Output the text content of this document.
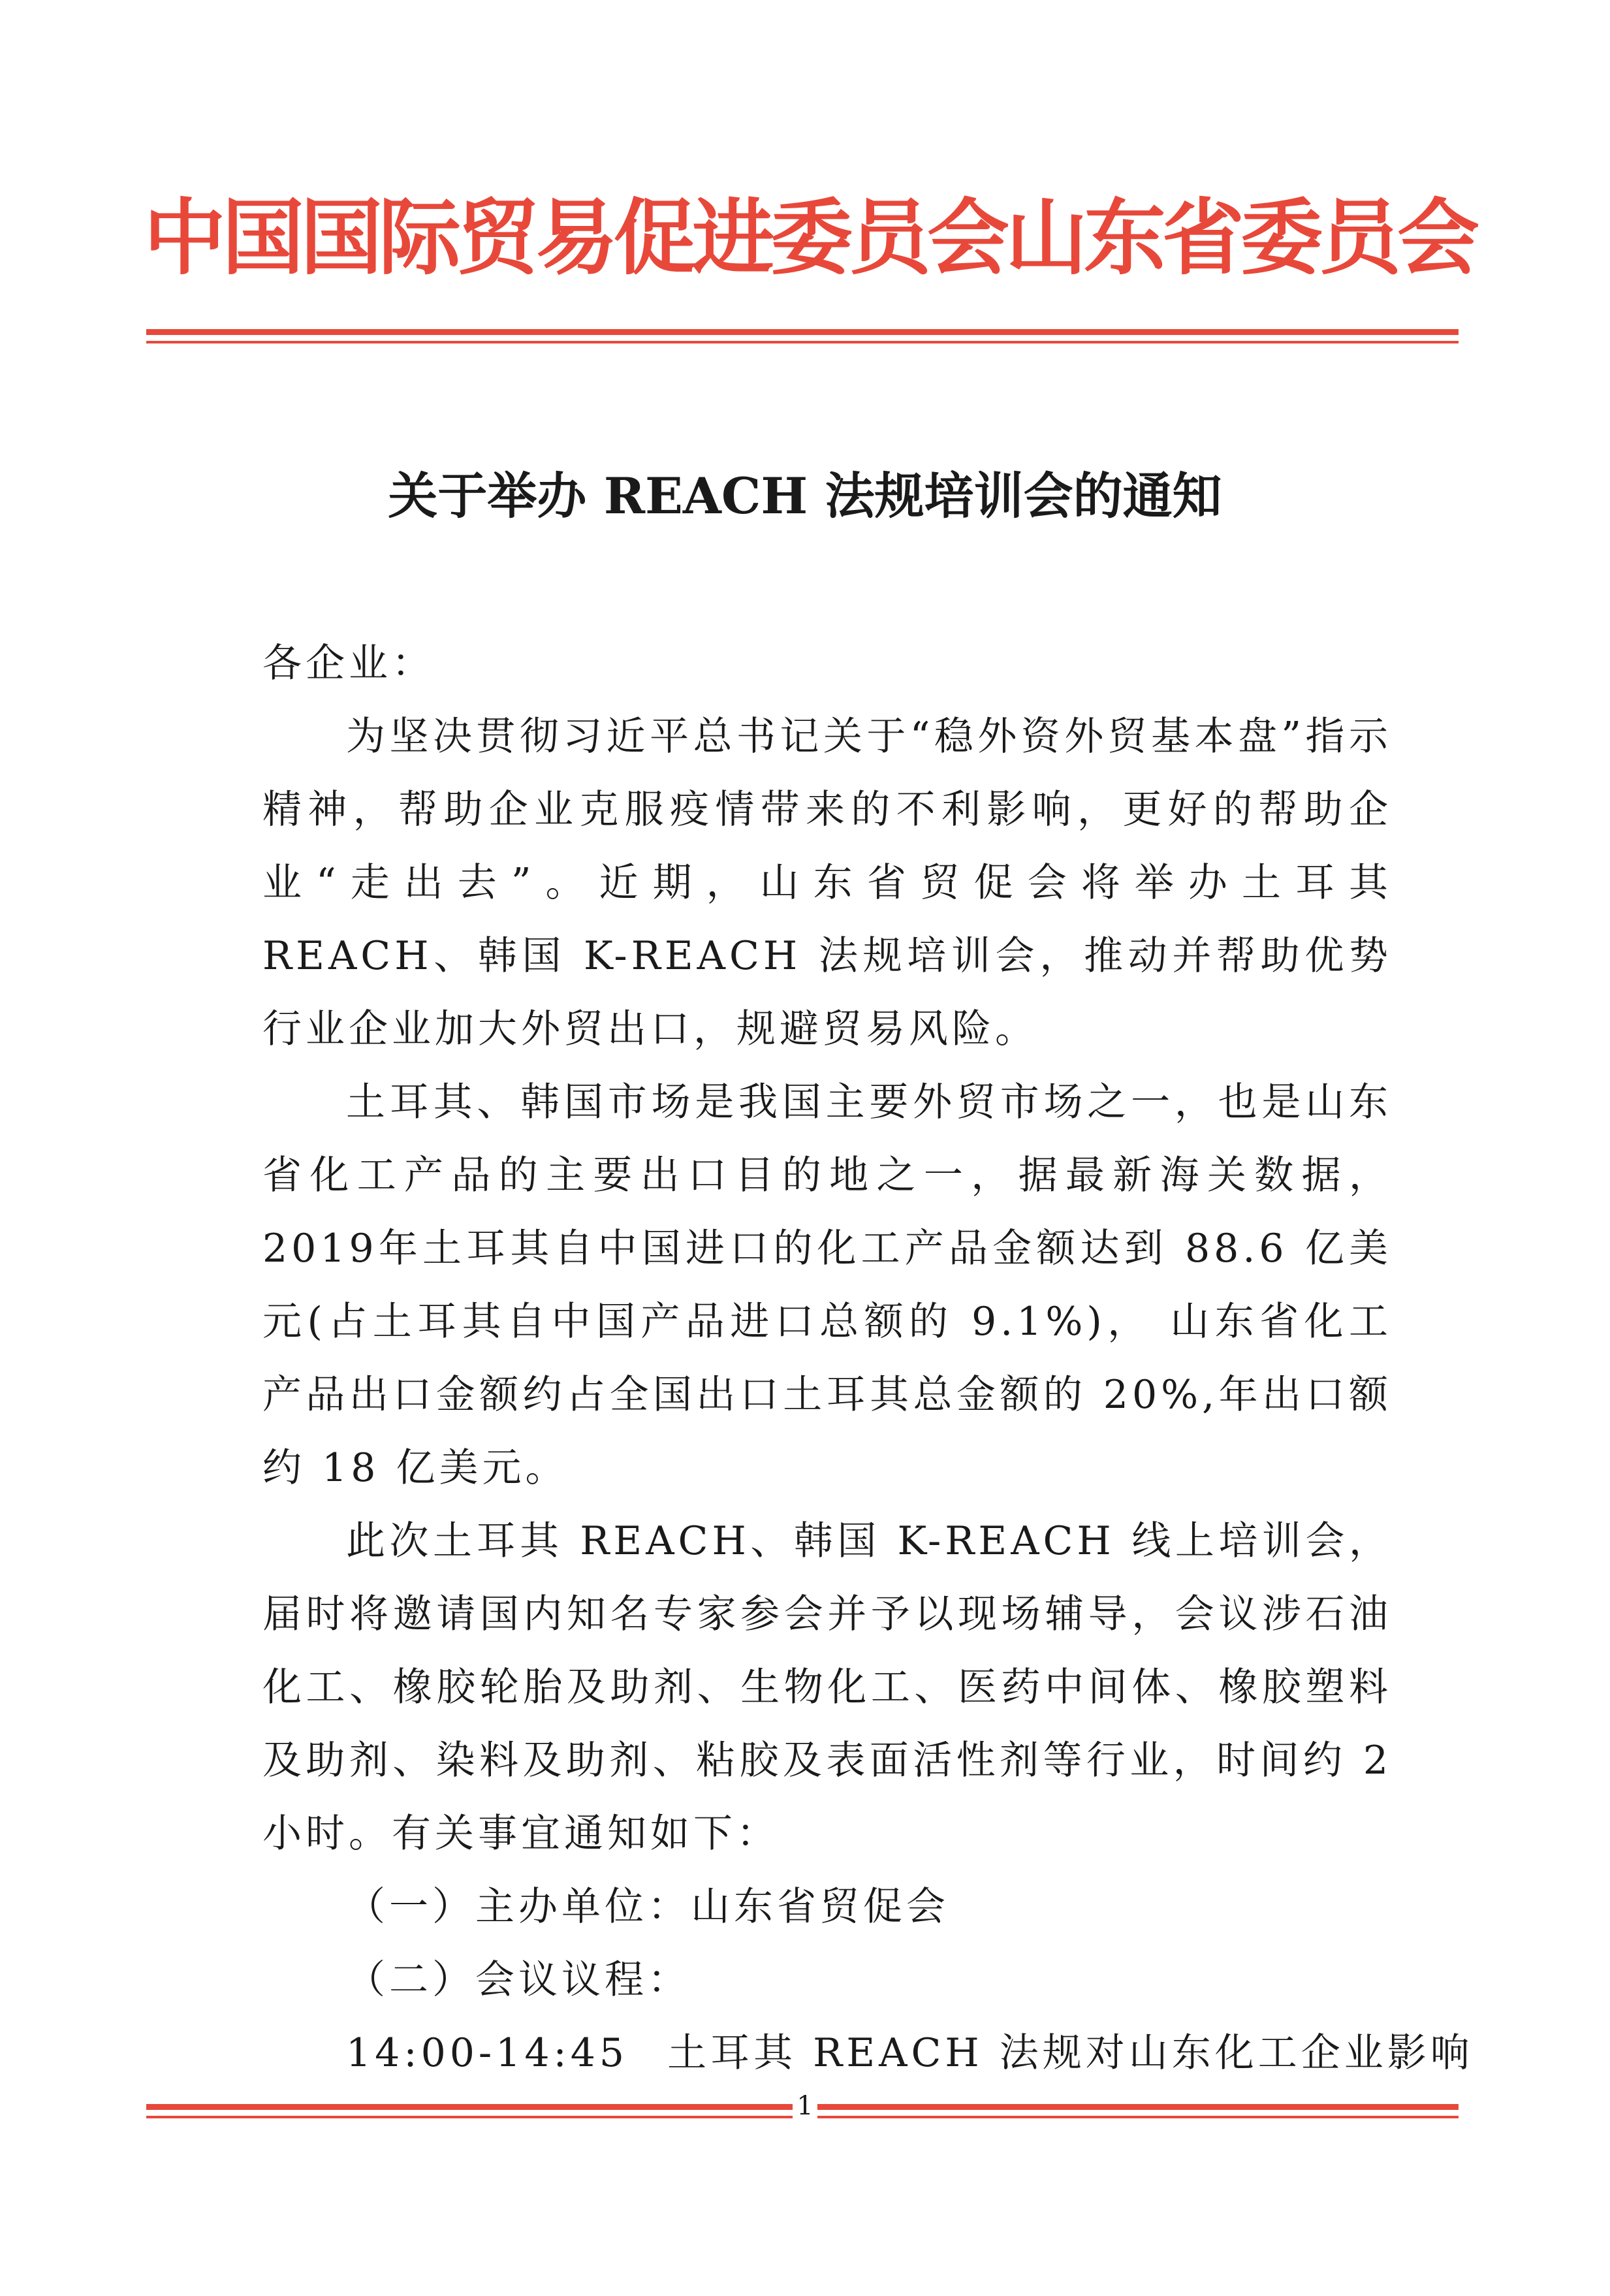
中国国际贸易促进委员会山东省委员会
关于举办 REACH 法规培训会的通知

各企业：

为坚决贯彻习近平总书记关于“稳外资外贸基本盘”指示精神，帮助企业克服疫情带来的不利影响，更好的帮助企业“走出去”。近期，山东省贸促会将举办土耳其 REACH、韩国 K-REACH 法规培训会，推动并帮助优势行业企业加大外贸出口，规避贸易风险。

土耳其、韩国市场是我国主要外贸市场之一，也是山东省化工产品的主要出口目的地之一，据最新海关数据，2019年土耳其自中国进口的化工产品金额达到 88.6 亿美元(占土耳其自中国产品进口总额的 9.1%)， 山东省化工产品出口金额约占全国出口土耳其总金额的 20%,年出口额约 18 亿美元。

此次土耳其 REACH、韩国 K-REACH 线上培训会，届时将邀请国内知名专家参会并予以现场辅导，会议涉石油化工、橡胶轮胎及助剂、生物化工、医药中间体、橡胶塑料及助剂、染料及助剂、粘胶及表面活性剂等行业，时间约 2 小时。有关事宜通知如下：

（一）主办单位：山东省贸促会

（二）会议议程：

14:00-14:45 土耳其 REACH 法规对山东化工企业影响

1
